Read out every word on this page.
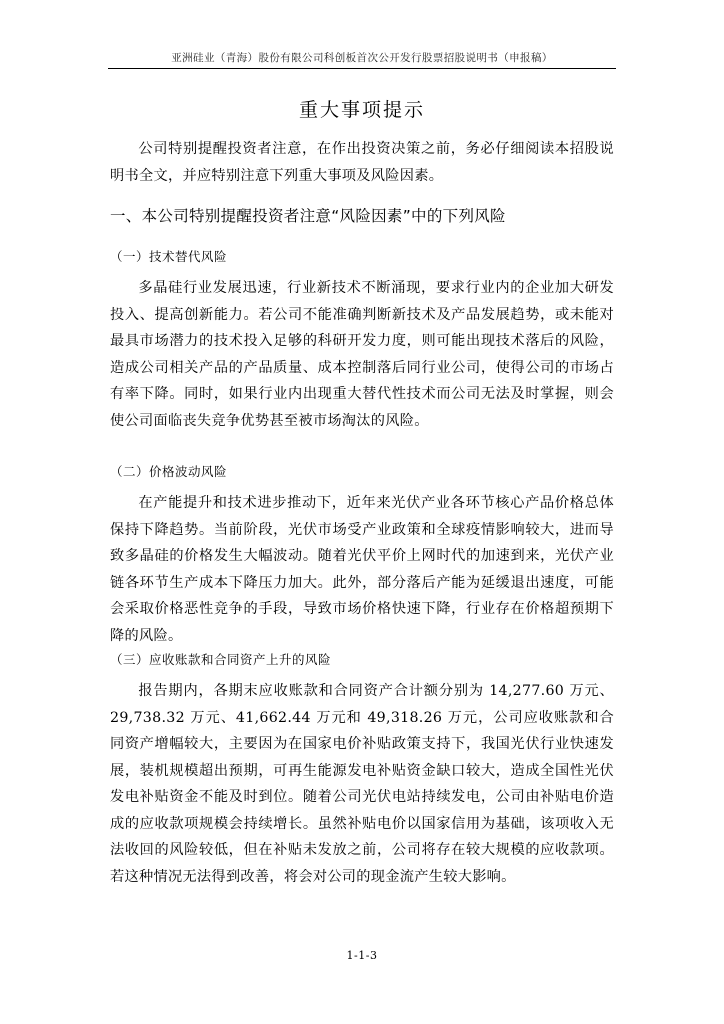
亚洲硅业（青海）股份有限公司科创板首次公开发行股票招股说明书（申报稿）
重大事项提示

公司特别提醒投资者注意，在作出投资决策之前，务必仔细阅读本招股说明书全文，并应特别注意下列重大事项及风险因素。

一、本公司特别提醒投资者注意“风险因素”中的下列风险
（一）技术替代风险

多晶硅行业发展迅速，行业新技术不断涌现，要求行业内的企业加大研发投入、提高创新能力。若公司不能准确判断新技术及产品发展趋势，或未能对最具市场潜力的技术投入足够的科研开发力度，则可能出现技术落后的风险，造成公司相关产品的产品质量、成本控制落后同行业公司，使得公司的市场占有率下降。同时，如果行业内出现重大替代性技术而公司无法及时掌握，则会使公司面临丧失竞争优势甚至被市场淘汰的风险。

（二）价格波动风险

在产能提升和技术进步推动下，近年来光伏产业各环节核心产品价格总体保持下降趋势。当前阶段，光伏市场受产业政策和全球疫情影响较大，进而导致多晶硅的价格发生大幅波动。随着光伏平价上网时代的加速到来，光伏产业链各环节生产成本下降压力加大。此外，部分落后产能为延缓退出速度，可能会采取价格恶性竞争的手段，导致市场价格快速下降，行业存在价格超预期下降的风险。

（三）应收账款和合同资产上升的风险

报告期内，各期末应收账款和合同资产合计额分别为 14,277.60 万元、29,738.32 万元、41,662.44 万元和 49,318.26 万元，公司应收账款和合同资产增幅较大，主要因为在国家电价补贴政策支持下，我国光伏行业快速发展，装机规模超出预期，可再生能源发电补贴资金缺口较大，造成全国性光伏发电补贴资金不能及时到位。随着公司光伏电站持续发电，公司由补贴电价造成的应收款项规模会持续增长。虽然补贴电价以国家信用为基础，该项收入无法收回的风险较低，但在补贴未发放之前，公司将存在较大规模的应收款项。若这种情况无法得到改善，将会对公司的现金流产生较大影响。

1-1-3
